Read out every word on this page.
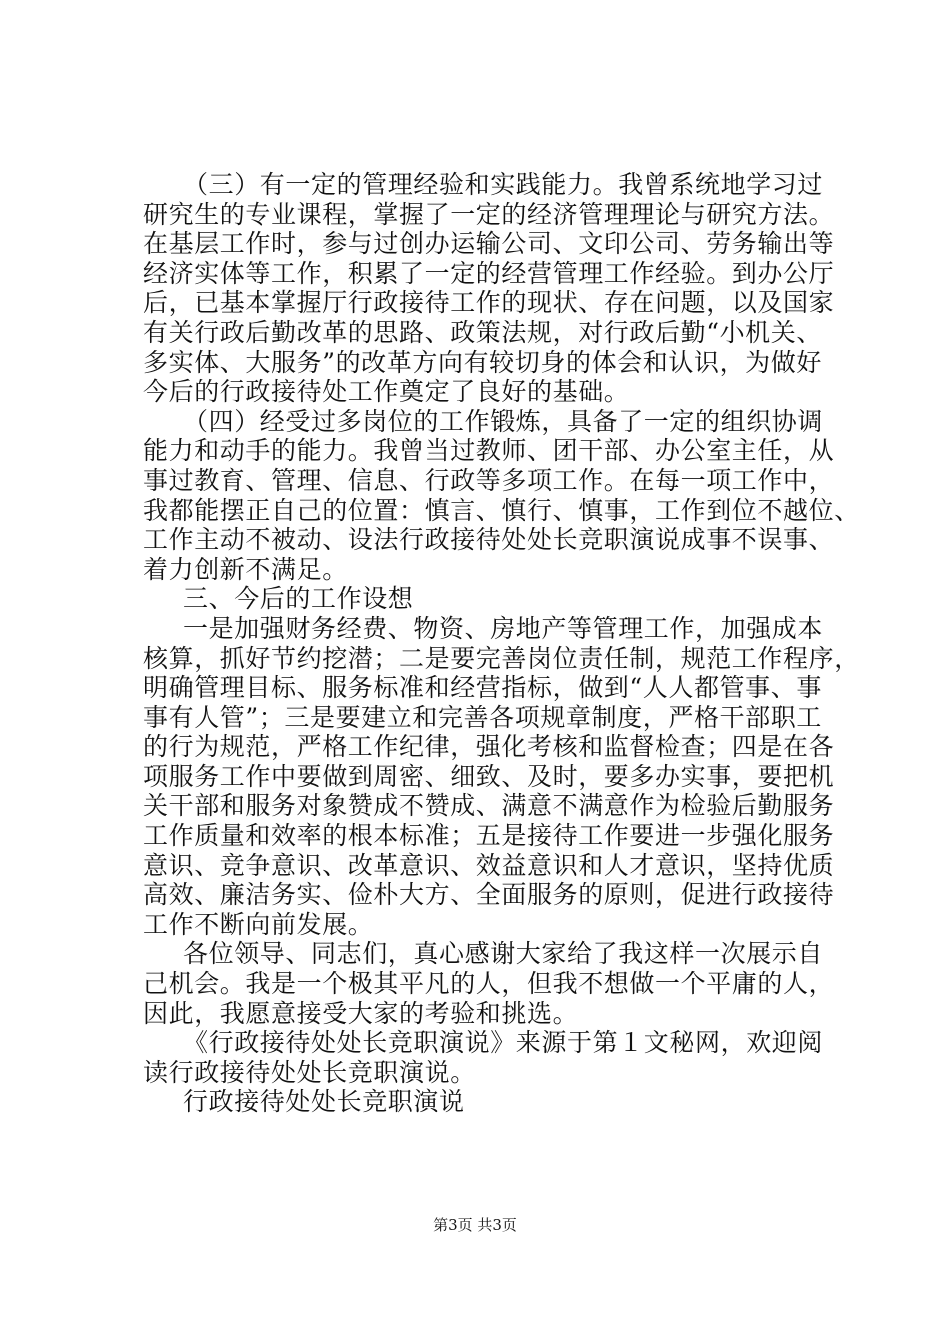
（三）有一定的管理经验和实践能力。我曾系统地学习过
研究生的专业课程，掌握了一定的经济管理理论与研究方法。
在基层工作时，参与过创办运输公司、文印公司、劳务输出等
经济实体等工作，积累了一定的经营管理工作经验。到办公厅
后，已基本掌握厅行政接待工作的现状、存在问题，以及国家
有关行政后勤改革的思路、政策法规，对行政后勤“小机关、
多实体、大服务”的改革方向有较切身的体会和认识，为做好
今后的行政接待处工作奠定了良好的基础。
（四）经受过多岗位的工作锻炼，具备了一定的组织协调
能力和动手的能力。我曾当过教师、团干部、办公室主任，从
事过教育、管理、信息、行政等多项工作。在每一项工作中，
我都能摆正自己的位置：慎言、慎行、慎事，工作到位不越位、
工作主动不被动、设法行政接待处处长竞职演说成事不误事、
着力创新不满足。
三、今后的工作设想
一是加强财务经费、物资、房地产等管理工作，加强成本
核算，抓好节约挖潜；二是要完善岗位责任制，规范工作程序，
明确管理目标、服务标准和经营指标，做到“人人都管事、事
事有人管”；三是要建立和完善各项规章制度，严格干部职工
的行为规范，严格工作纪律，强化考核和监督检查；四是在各
项服务工作中要做到周密、细致、及时，要多办实事，要把机
关干部和服务对象赞成不赞成、满意不满意作为检验后勤服务
工作质量和效率的根本标准；五是接待工作要进一步强化服务
意识、竞争意识、改革意识、效益意识和人才意识，坚持优质
高效、廉洁务实、俭朴大方、全面服务的原则，促进行政接待
工作不断向前发展。
各位领导、同志们，真心感谢大家给了我这样一次展示自
己机会。我是一个极其平凡的人，但我不想做一个平庸的人，
因此，我愿意接受大家的考验和挑选。
《行政接待处处长竞职演说》来源于第１文秘网，欢迎阅
读行政接待处处长竞职演说。
行政接待处处长竞职演说
第3页 共3页
